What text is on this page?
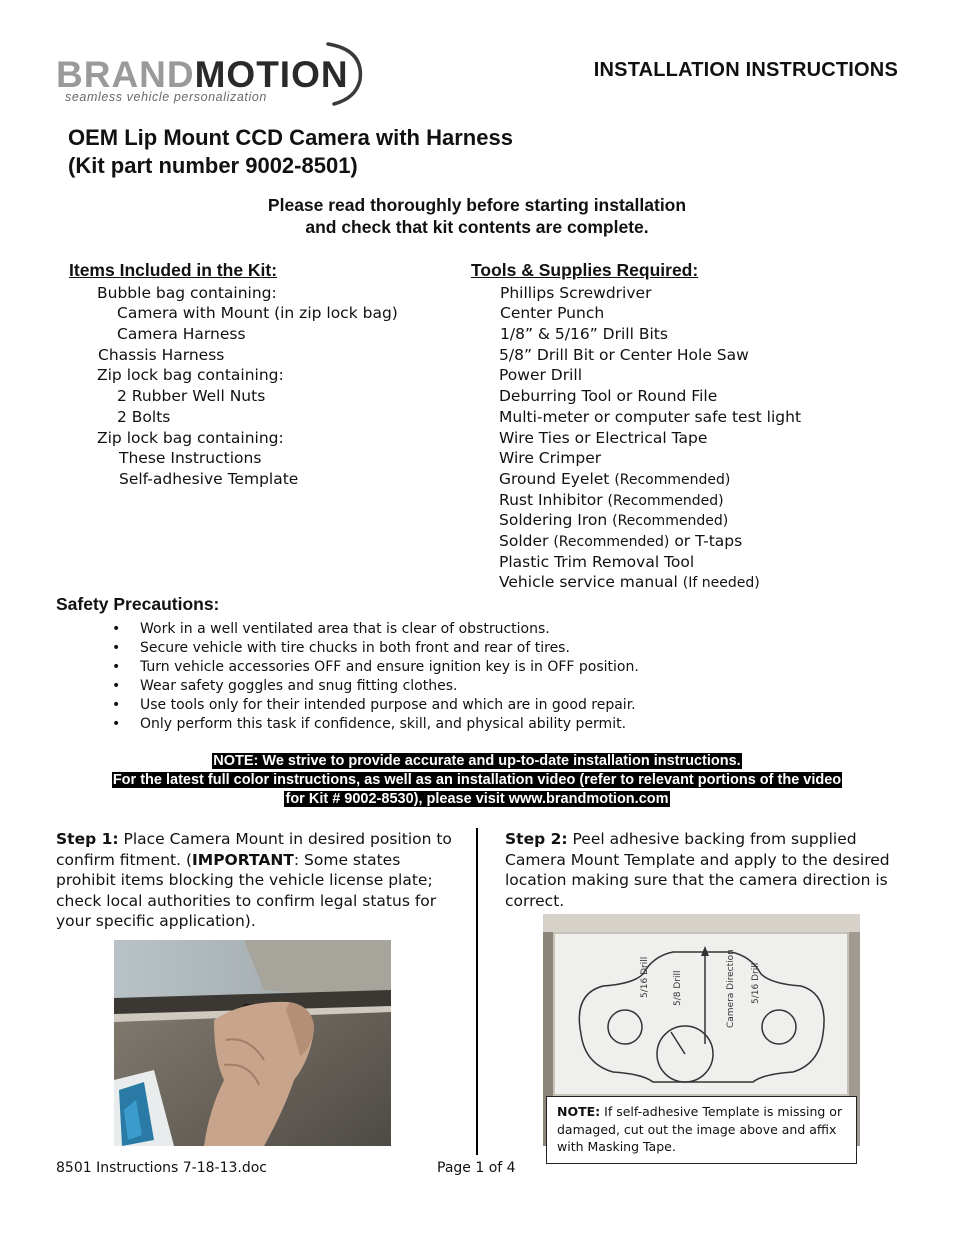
BRANDMOTION
seamless vehicle personalization
INSTALLATION INSTRUCTIONS
OEM Lip Mount CCD Camera with Harness
(Kit part number 9002-8501)
Please read thoroughly before starting installation
and check that kit contents are complete.
Items Included in the Kit:
Bubble bag containing:
Camera with Mount (in zip lock bag)
Camera Harness
Chassis Harness
Zip lock bag containing:
2 Rubber Well Nuts
2 Bolts
Zip lock bag containing:
These Instructions
Self-adhesive Template
Tools & Supplies Required:
Phillips Screwdriver
Center Punch
1/8” & 5/16” Drill Bits
5/8” Drill Bit or Center Hole Saw
Power Drill
Deburring Tool or Round File
Multi-meter or computer safe test light
Wire Ties or Electrical Tape
Wire Crimper
Ground Eyelet (Recommended)
Rust Inhibitor (Recommended)
Soldering Iron (Recommended)
Solder (Recommended) or T-taps
Plastic Trim Removal Tool
Vehicle service manual (If needed)
Safety Precautions:
• Work in a well ventilated area that is clear of obstructions.
• Secure vehicle with tire chucks in both front and rear of tires.
• Turn vehicle accessories OFF and ensure ignition key is in OFF position.
• Wear safety goggles and snug fitting clothes.
• Use tools only for their intended purpose and which are in good repair.
• Only perform this task if confidence, skill, and physical ability permit.
NOTE: We strive to provide accurate and up-to-date installation instructions.
For the latest full color instructions, as well as an installation video (refer to relevant portions of the video
for Kit # 9002-8530), please visit www.brandmotion.com
Step 1: Place Camera Mount in desired position to confirm fitment. (IMPORTANT: Some states prohibit items blocking the vehicle license plate; check local authorities to confirm legal status for your specific application).
Step 2: Peel adhesive backing from supplied Camera Mount Template and apply to the desired location making sure that the camera direction is correct.
5/16 Drill	5/8 Drill	Camera Direction 5/16 Drill
NOTE: If self-adhesive Template is missing or damaged, cut out the image above and affix with Masking Tape.
8501 Instructions 7-18-13.doc	Page 1 of 4
